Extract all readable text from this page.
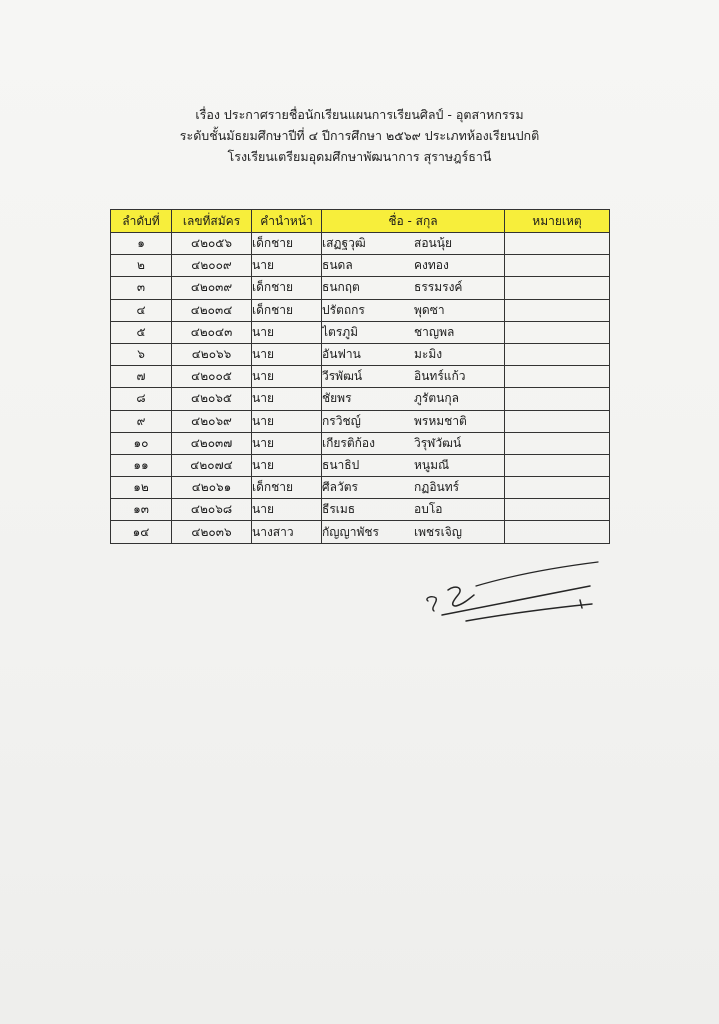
เรื่อง ประกาศรายชื่อนักเรียนแผนการเรียนศิลป์ - อุตสาหกรรม
ระดับชั้นมัธยมศึกษาปีที่ ๔ ปีการศึกษา ๒๕๖๙ ประเภทห้องเรียนปกติ
โรงเรียนเตรียมอุดมศึกษาพัฒนาการ สุราษฎร์ธานี
ลำดับที่	เลขที่สมัคร	คำนำหน้า	ชื่อ - สกุล	หมายเหตุ
๑	๔๒๐๕๖	เด็กชาย	เสฏฐวุฒิ สอนนุ้ย	
๒	๔๒๐๐๙	นาย	ธนดล คงทอง	
๓	๔๒๐๓๙	เด็กชาย	ธนกฤต ธรรมรงค์	
๔	๔๒๐๓๔	เด็กชาย	ปรัตถกร พุดซา	
๕	๔๒๐๔๓	นาย	ไตรภูมิ ชาญพล	
๖	๔๒๐๖๖	นาย	อันฟาน มะมิง	
๗	๔๒๐๐๕	นาย	วีรพัฒน์ อินทร์แก้ว	
๘	๔๒๐๖๕	นาย	ชัยพร ภูรัตนกุล	
๙	๔๒๐๖๙	นาย	กรวิชญ์ พรหมชาติ	
๑๐	๔๒๐๓๗	นาย	เกียรติก้อง วิรุฬวัฒน์	
๑๑	๔๒๐๗๔	นาย	ธนาธิป หนูมณี	
๑๒	๔๒๐๖๑	เด็กชาย	ศีลวัตร กฏอินทร์	
๑๓	๔๒๐๖๘	นาย	ธีรเมธ อบโอ	
๑๔	๔๒๐๓๖	นางสาว	กัญญาพัชร เพชรเจิญ	
